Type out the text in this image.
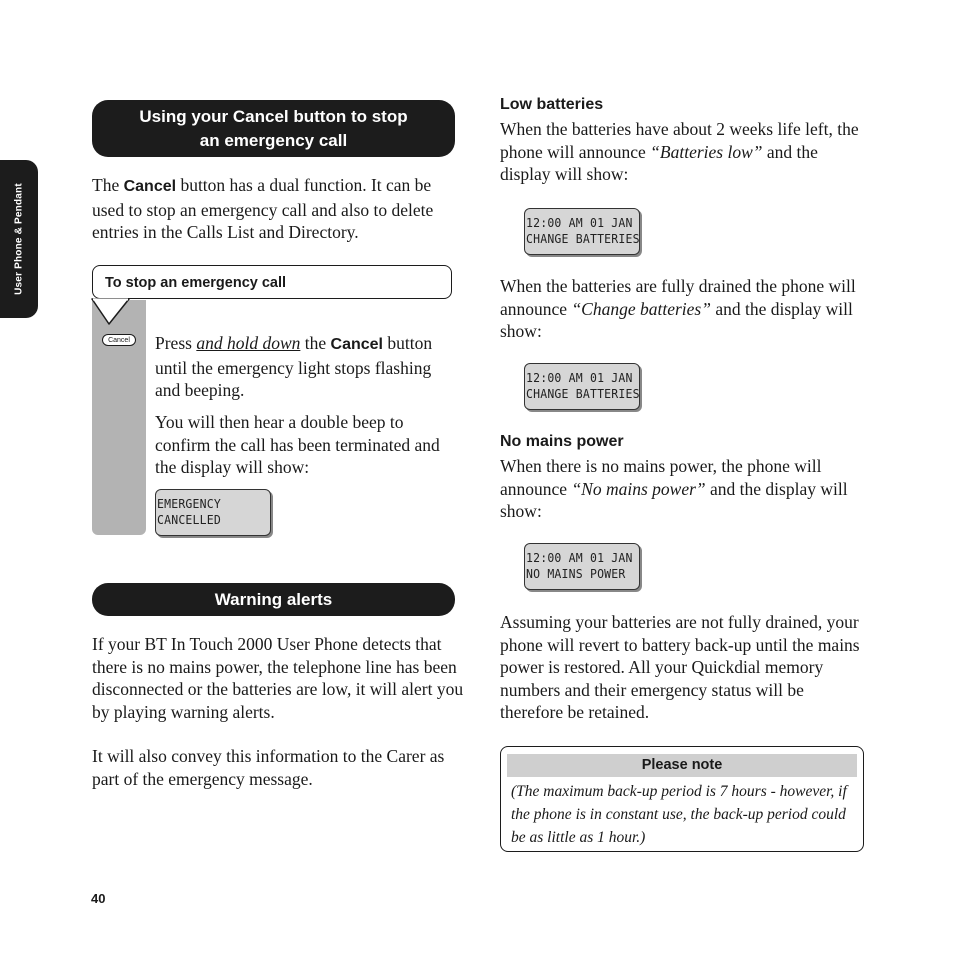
User Phone & Pendant
Using your Cancel button to stop
an emergency call

The Cancel button has a dual function. It can be used to stop an emergency call and also to delete entries in the Calls List and Directory.

To stop an emergency call
Cancel	Press and hold down the Cancel button until the emergency light stops flashing and beeping.

You will then hear a double beep to confirm the call has been terminated and the display will show:
EMERGENCY
CANCELLED
Warning alerts
If your BT In Touch 2000 User Phone detects that there is no mains power, the telephone line has been disconnected or the batteries are low, it will alert you by playing warning alerts.
It will also convey this information to the Carer as part of the emergency message.
Low batteries

When the batteries have about 2 weeks life left, the phone will announce “Batteries low” and the display will show:

12:00 AM 01 JAN
CHANGE BATTERIES

When the batteries are fully drained the phone will announce “Change batteries” and the display will show:

12:00 AM 01 JAN
CHANGE BATTERIES
No mains power

When there is no mains power, the phone will announce “No mains power” and the display will show:

12:00 AM 01 JAN
NO MAINS POWER
Assuming your batteries are not fully drained, your phone will revert to battery back-up until the mains power is restored. All your Quickdial memory numbers and their emergency status will be therefore be retained.
Please note
(The maximum back-up period is 7 hours - however, if the phone is in constant use, the back-up period could be as little as 1 hour.)
40
